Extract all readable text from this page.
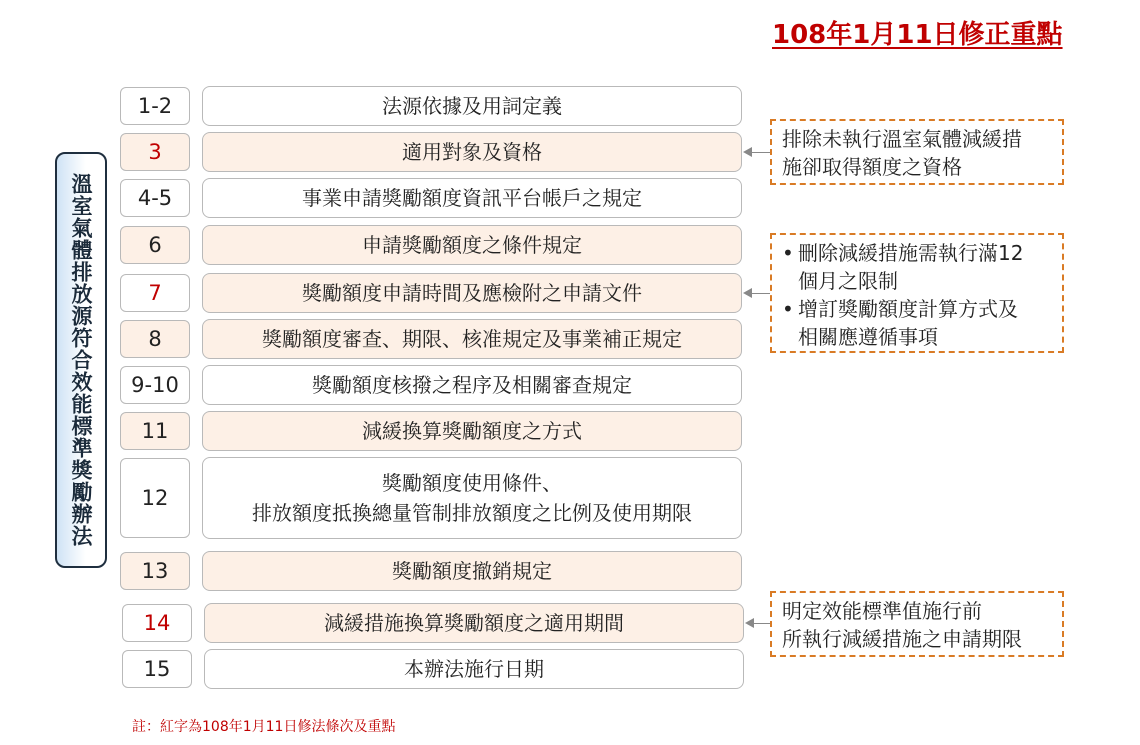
108年1月11日修正重點
溫室氣體排放源符合效能標準獎勵辦法
1-2	法源依據及用詞定義
3	適用對象及資格
4-5	事業申請獎勵額度資訊平台帳戶之規定
6	申請獎勵額度之條件規定
7	獎勵額度申請時間及應檢附之申請文件
8	獎勵額度審查、期限、核准規定及事業補正規定
9-10	獎勵額度核撥之程序及相關審查規定
11	減緩換算獎勵額度之方式
12
獎勵額度使用條件、
排放額度抵換總量管制排放額度之比例及使用期限
13	獎勵額度撤銷規定
14	減緩措施換算獎勵額度之適用期間
15	本辦法施行日期
排除未執行溫室氣體減緩措
施卻取得額度之資格
• 刪除減緩措施需執行滿12
個月之限制
• 增訂獎勵額度計算方式及
相關應遵循事項
明定效能標準值施行前
所執行減緩措施之申請期限
註：紅字為108年1月11日修法條次及重點
